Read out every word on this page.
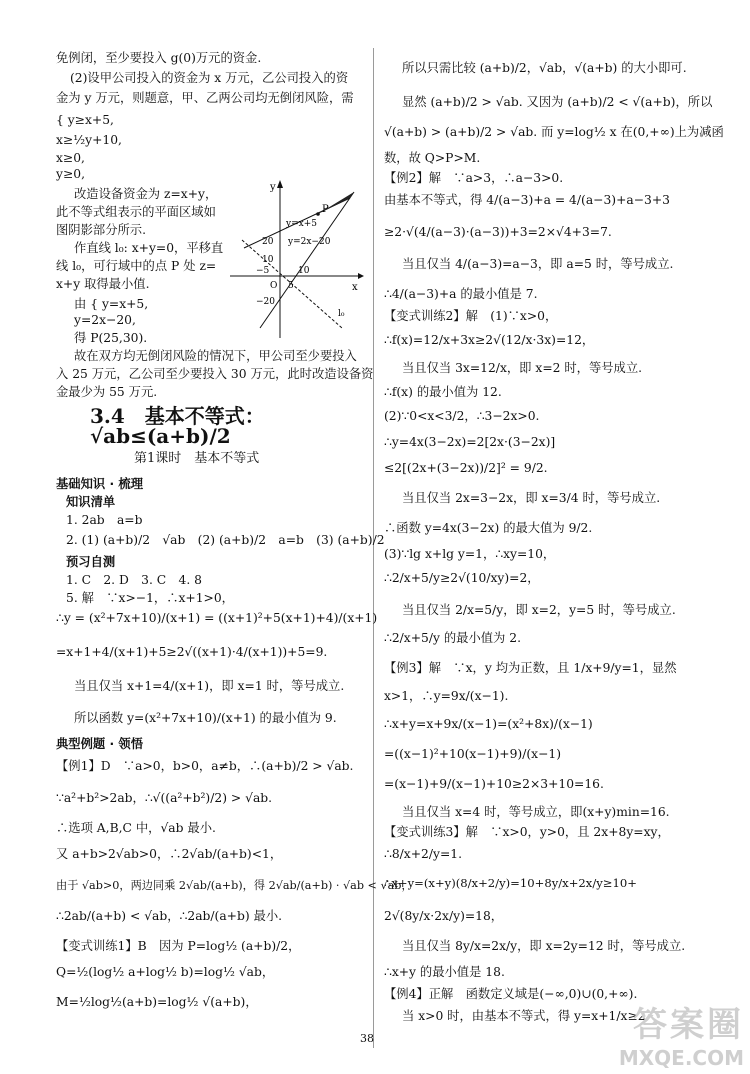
免例闭，至少要投入 g(0)万元的资金.
(2)设甲公司投入的资金为 x 万元，乙公司投入的资
金为 y 万元，则题意，甲、乙两公司均无倒闭风险，需
{ y≥x+5,
x≥½y+10,
x≥0,
y≥0,
改造设备资金为 z=x+y，
此不等式组表示的平面区域如
图阴影部分所示.
作直线 l₀: x+y=0，平移直
线 l₀，可行域中的点 P 处 z=
x+y 取得最小值.
由 { y=x+5,
y=2x−20,
得 P(25,30).
故在双方均无倒闭风险的情况下，甲公司至少要投入
入 25 万元，乙公司至少要投入 30 万元，此时改造设备资
金最少为 55 万元.
y
P
y=x+5
y=2x−20
20
10
−5
O 5
10
−20
x
l₀
3.4　基本不等式：√ab≤(a+b)/2
第1课时　基本不等式
基础知识 · 梳理
知识清单
1. 2ab　a=b
2. (1) (a+b)/2　√ab　(2) (a+b)/2　a=b　(3) (a+b)/2
预习自测
1. C　2. D　3. C　4. 8
5. 解　∵x>−1，∴x+1>0，
∴y = (x²+7x+10)/(x+1) = ((x+1)²+5(x+1)+4)/(x+1)
=x+1+4/(x+1)+5≥2√((x+1)·4/(x+1))+5=9.
当且仅当 x+1=4/(x+1)，即 x=1 时，等号成立.
所以函数 y=(x²+7x+10)/(x+1) 的最小值为 9.
典型例题 · 领悟
【例1】D　∵a>0，b>0，a≠b，∴(a+b)/2 > √ab.
∵a²+b²>2ab，∴√((a²+b²)/2) > √ab.
∴选项 A,B,C 中，√ab 最小.
又 a+b>2√ab>0，∴2√ab/(a+b)<1，
由于 √ab>0，两边同乘 2√ab/(a+b)，得 2√ab/(a+b) · √ab < √ab，
∴2ab/(a+b) < √ab，∴2ab/(a+b) 最小.
【变式训练1】B　因为 P=log½ (a+b)/2，
Q=½(log½ a+log½ b)=log½ √ab，
M=½log½(a+b)=log½ √(a+b)，
所以只需比较 (a+b)/2，√ab，√(a+b) 的大小即可.
显然 (a+b)/2 > √ab. 又因为 (a+b)/2 < √(a+b)，所以
√(a+b) > (a+b)/2 > √ab. 而 y=log½ x 在(0,+∞)上为减函
数，故 Q>P>M.
【例2】解　∵a>3，∴a−3>0.
由基本不等式，得 4/(a−3)+a = 4/(a−3)+a−3+3
≥2·√(4/(a−3)·(a−3))+3=2×√4+3=7.
当且仅当 4/(a−3)=a−3，即 a=5 时，等号成立.
∴4/(a−3)+a 的最小值是 7.
【变式训练2】解　(1)∵x>0，
∴f(x)=12/x+3x≥2√(12/x·3x)=12，
当且仅当 3x=12/x，即 x=2 时，等号成立.
∴f(x) 的最小值为 12.
(2)∵0<x<3/2，∴3−2x>0.
∴y=4x(3−2x)=2[2x·(3−2x)]
≤2[(2x+(3−2x))/2]² = 9/2.
当且仅当 2x=3−2x，即 x=3/4 时，等号成立.
∴函数 y=4x(3−2x) 的最大值为 9/2.
(3)∵lg x+lg y=1，∴xy=10，
∴2/x+5/y≥2√(10/xy)=2，
当且仅当 2/x=5/y，即 x=2，y=5 时，等号成立.
∴2/x+5/y 的最小值为 2.
【例3】解　∵x，y 均为正数，且 1/x+9/y=1，显然
x>1，∴y=9x/(x−1).
∴x+y=x+9x/(x−1)=(x²+8x)/(x−1)
=((x−1)²+10(x−1)+9)/(x−1)
=(x−1)+9/(x−1)+10≥2×3+10=16.
当且仅当 x=4 时，等号成立，即(x+y)min=16.
【变式训练3】解　∵x>0，y>0，且 2x+8y=xy，
∴8/x+2/y=1.
∴x+y=(x+y)(8/x+2/y)=10+8y/x+2x/y≥10+
2√(8y/x·2x/y)=18，
当且仅当 8y/x=2x/y，即 x=2y=12 时，等号成立.
∴x+y 的最小值是 18.
【例4】正解　函数定义域是(−∞,0)∪(0,+∞).
当 x>0 时，由基本不等式，得 y=x+1/x≥2.
38	答案圈
MXQE.COM
